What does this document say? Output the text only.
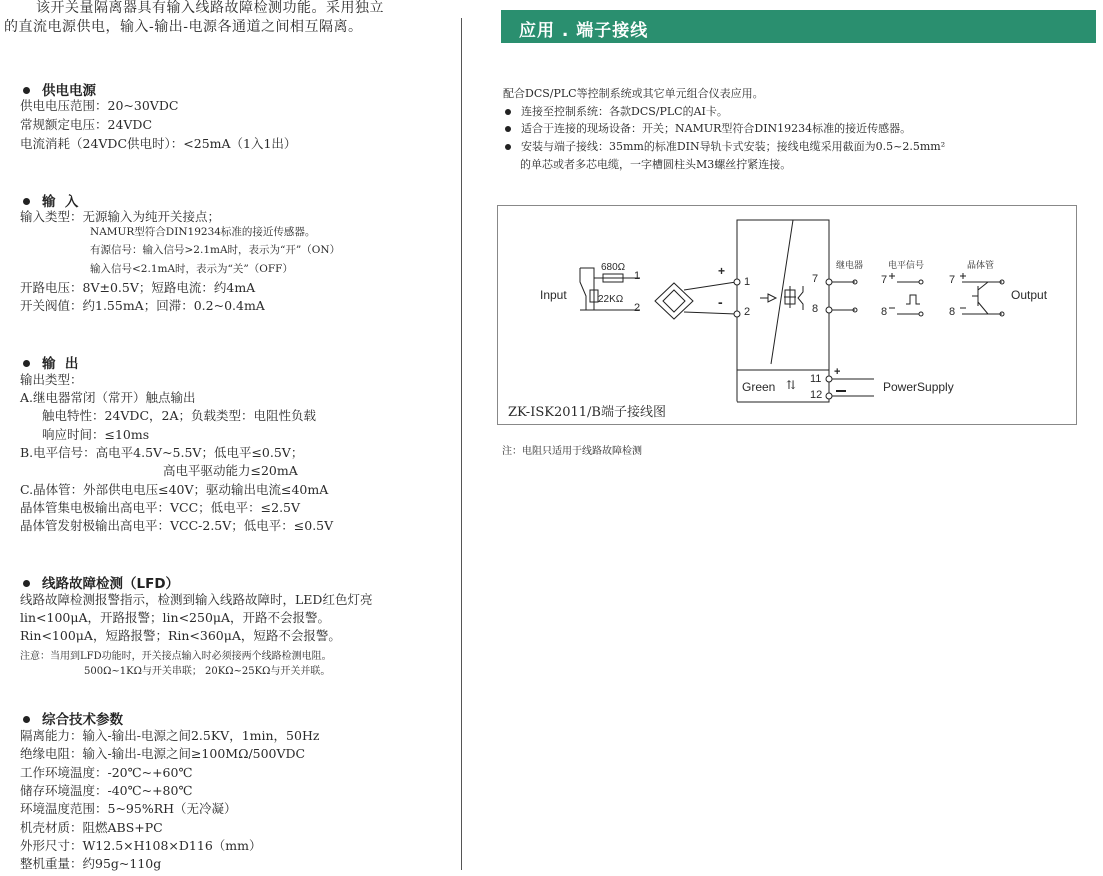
该开关量隔离器具有输入线路故障检测功能。采用独立
的直流电源供电，输入-输出-电源各通道之间相互隔离。
供电电源
供电电压范围：20~30VDC
常规额定电压：24VDC
电流消耗（24VDC供电时）：<25mA（1入1出）
输  入
输入类型：无源输入为纯开关接点；
NAMUR型符合DIN19234标准的接近传感器。
有源信号：输入信号>2.1mA时，表示为“开”（ON）
输入信号<2.1mA时，表示为“关”（OFF）
开路电压：8V±0.5V；短路电流：约4mA
开关阀值：约1.55mA；回滞：0.2~0.4mA
输  出
输出类型：
A.继电器常闭（常开）触点输出
触电特性：24VDC，2A；负载类型：电阻性负载
响应时间：≤10ms
B.电平信号：高电平4.5V~5.5V；低电平≤0.5V；
高电平驱动能力≤20mA
C.晶体管：外部供电电压≤40V；驱动输出电流≤40mA
晶体管集电极输出高电平：VCC；低电平：≤2.5V
晶体管发射极输出高电平：VCC-2.5V；低电平：≤0.5V
线路故障检测（LFD）
线路故障检测报警指示，检测到输入线路故障时，LED红色灯亮
lin<100μA，开路报警；lin<250μA，开路不会报警。
Rin<100μA，短路报警；Rin<360μA，短路不会报警。
注意：当用到LFD功能时，开关接点输入时必须接两个线路检测电阻。
500Ω~1KΩ与开关串联； 20KΩ~25KΩ与开关并联。
综合技术参数
隔离能力：输入-输出-电源之间2.5KV，1min，50Hz
绝缘电阻：输入-输出-电源之间≥100MΩ/500VDC
工作环境温度：-20℃~+60℃
储存环境温度：-40℃~+80℃
环境温度范围：5~95%RH（无冷凝）
机壳材质：阻燃ABS+PC
外形尺寸：W12.5×H108×D116（mm）
整机重量：约95g~110g
应用 . 端子接线
配合DCS/PLC等控制系统或其它单元组合仪表应用。
连接至控制系统：各款DCS/PLC的AI卡。
适合于连接的现场设备：开关；NAMUR型符合DIN19234标准的接近传感器。
安装与端子接线：35mm的标准DIN导轨卡式安装；接线电缆采用截面为0.5~2.5mm²
的单芯或者多芯电缆，一字槽圆柱头M3螺丝拧紧连接。
Input
680Ω
22KΩ
1
2
+
-
1
2
7
8
11
12
+
Green ⇅	PowerSupply
继电器	电平信号	晶体管
7
8
7
8
Output
ZK-ISK2011/B端子接线图
注：电阻只适用于线路故障检测
